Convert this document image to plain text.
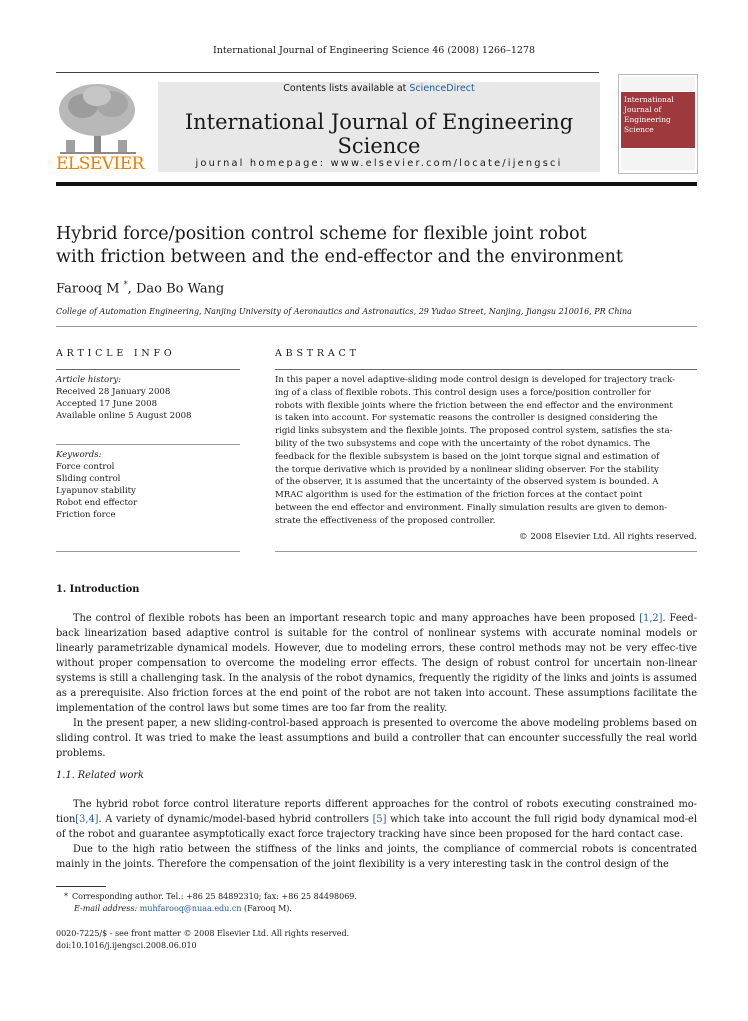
International Journal of Engineering Science 46 (2008) 1266–1278
ELSEVIER
Contents lists available at ScienceDirect
International Journal of Engineering Science
journal homepage: www.elsevier.com/locate/ijengsci
International
Journal of
Engineering
Science
Hybrid force/position control scheme for flexible joint robot
with friction between and the end-effector and the environment
Farooq M *, Dao Bo Wang
College of Automation Engineering, Nanjing University of Aeronautics and Astronautics, 29 Yudao Street, Nanjing, Jiangsu 210016, PR China
ARTICLE INFO
Article history:
Received 28 January 2008
Accepted 17 June 2008
Available online 5 August 2008
Keywords:
Force control
Sliding control
Lyapunov stability
Robot end effector
Friction force
ABSTRACT
In this paper a novel adaptive-sliding mode control design is developed for trajectory track-
ing of a class of flexible robots. This control design uses a force/position controller for
robots with flexible joints where the friction between the end effector and the environment
is taken into account. For systematic reasons the controller is designed considering the
rigid links subsystem and the flexible joints. The proposed control system, satisfies the sta-
bility of the two subsystems and cope with the uncertainty of the robot dynamics. The
feedback for the flexible subsystem is based on the joint torque signal and estimation of
the torque derivative which is provided by a nonlinear sliding observer. For the stability
of the observer, it is assumed that the uncertainty of the observed system is bounded. A
MRAC algorithm is used for the estimation of the friction forces at the contact point
between the end effector and environment. Finally simulation results are given to demon-
strate the effectiveness of the proposed controller.
© 2008 Elsevier Ltd. All rights reserved.
1. Introduction

The control of flexible robots has been an important research topic and many approaches have been proposed [1,2]. Feed-back linearization based adaptive control is suitable for the control of nonlinear systems with accurate nominal models or linearly parametrizable dynamical models. However, due to modeling errors, these control methods may not be very effec-tive without proper compensation to overcome the modeling error effects. The design of robust control for uncertain non-linear systems is still a challenging task. In the analysis of the robot dynamics, frequently the rigidity of the links and joints is assumed as a prerequisite. Also friction forces at the end point of the robot are not taken into account. These assumptions facilitate the implementation of the control laws but some times are too far from the reality.

In the present paper, a new sliding-control-based approach is presented to overcome the above modeling problems based on sliding control. It was tried to make the least assumptions and build a controller that can encounter successfully the real world problems.

1.1. Related work

The hybrid robot force control literature reports different approaches for the control of robots executing constrained mo-tion[3,4]. A variety of dynamic/model-based hybrid controllers [5] which take into account the full rigid body dynamical mod-el of the robot and guarantee asymptotically exact force trajectory tracking have since been proposed for the hard contact case.

Due to the high ratio between the stiffness of the links and joints, the compliance of commercial robots is concentrated mainly in the joints. Therefore the compensation of the joint flexibility is a very interesting task in the control design of the

* Corresponding author. Tel.: +86 25 84892310; fax: +86 25 84498069.
E-mail address: muhfarooq@nuaa.edu.cn (Farooq M).
0020-7225/$ - see front matter © 2008 Elsevier Ltd. All rights reserved.
doi:10.1016/j.ijengsci.2008.06.010
